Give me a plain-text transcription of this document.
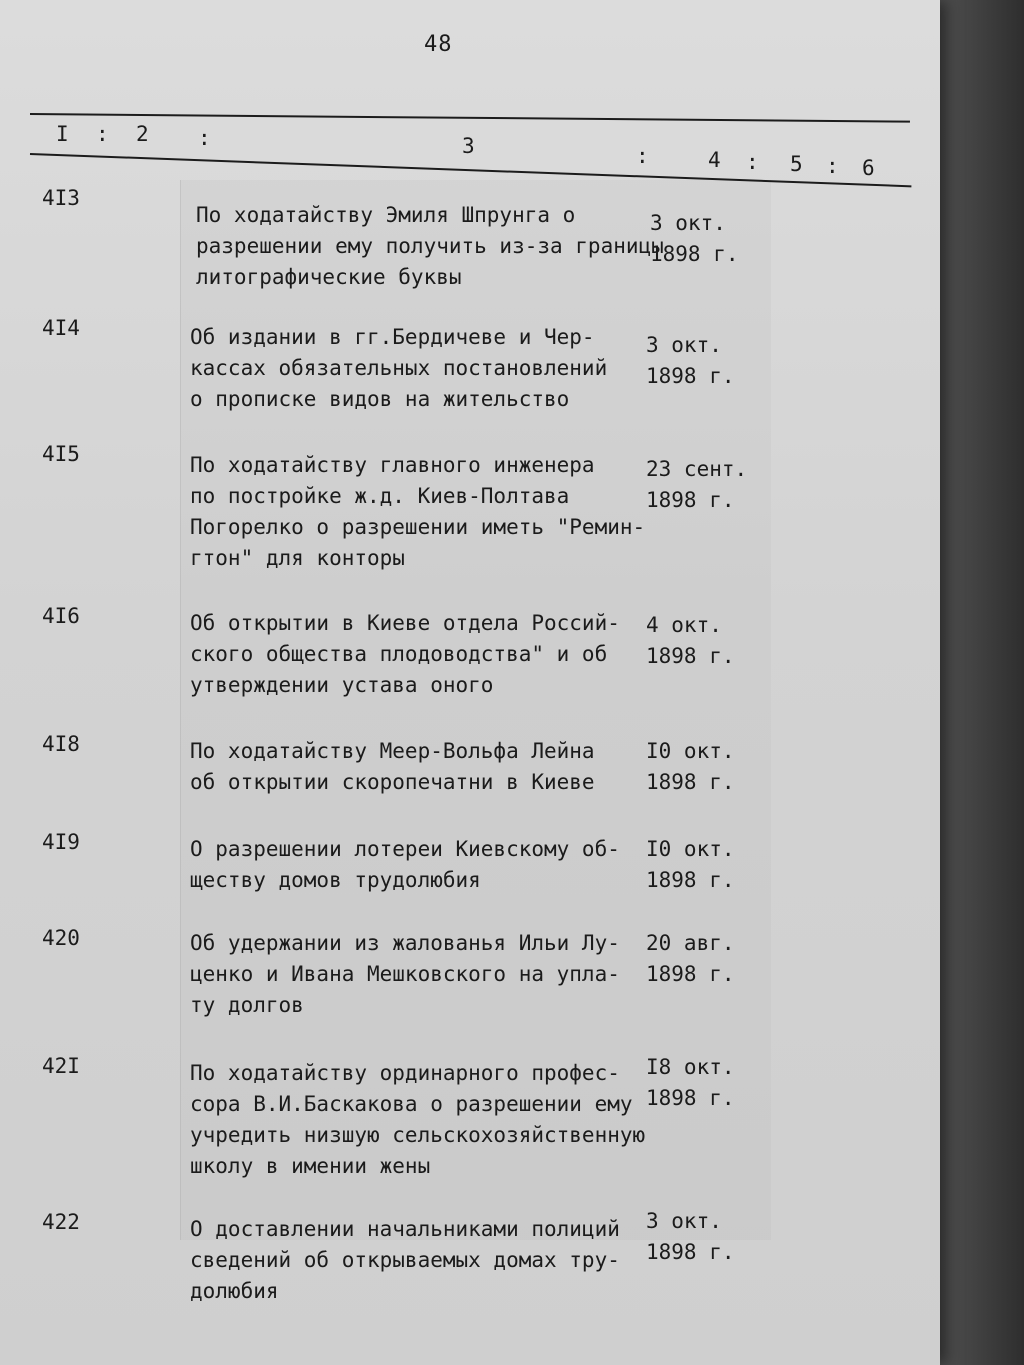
48
I : 2 :	3	:	4 : 5 : 6
4I3
По ходатайству Эмиля Шпрунга о
разрешении ему получить из-за границы
литографические буквы
3 окт.
1898 г.
4I4	Об издании в гг.Бердичеве и Чер-
кассах обязательных постановлений
о прописке видов на жительство
3 окт.
1898 г.
4I5	По ходатайству главного инженера
по постройке ж.д. Киев-Полтава
Погорелко о разрешении иметь "Ремин-
гтон" для конторы
23 сент.
1898 г.
4I6	Об открытии в Киеве отдела Россий-
ского общества плодоводства" и об
утверждении устава оного
4 окт.
1898 г.
4I8	По ходатайству Меер-Вольфа Лейна
об открытии скоропечатни в Киеве
I0 окт.
1898 г.
4I9	О разрешении лотереи Киевскому об-
ществу домов трудолюбия
I0 окт.
1898 г.
420	Об удержании из жалованья Ильи Лу-
ценко и Ивана Мешковского на упла-
ту долгов
20 авг.
1898 г.
42I	По ходатайству ординарного профес-
сора В.И.Баскакова о разрешении ему
учредить низшую сельскохозяйственную
школу в имении жены
I8 окт.
1898 г.
422	О доставлении начальниками полиций
сведений об открываемых домах тру-
долюбия
3 окт.
1898 г.
